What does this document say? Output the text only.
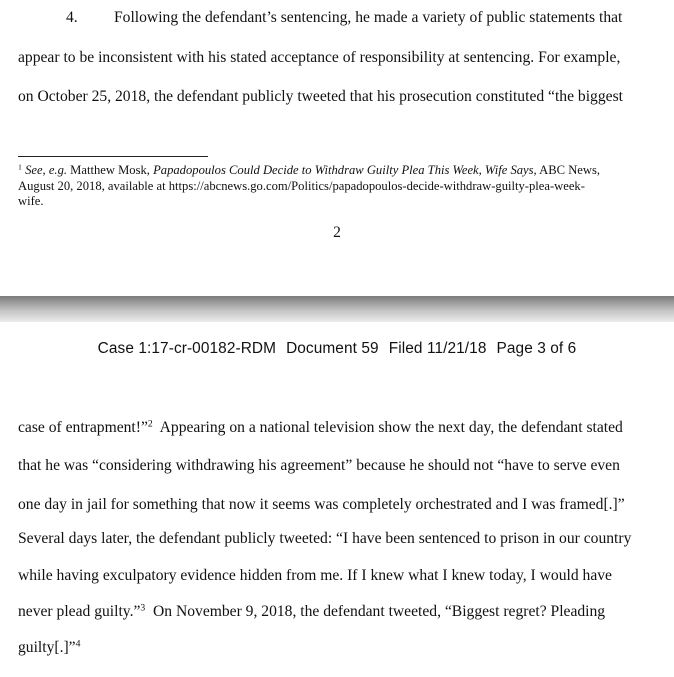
4. Following the defendant’s sentencing, he made a variety of public statements that
appear to be inconsistent with his stated acceptance of responsibility at sentencing. For example,
on October 25, 2018, the defendant publicly tweeted that his prosecution constituted “the biggest
$^1$ See, e.g. Matthew Mosk, Papadopoulos Could Decide to Withdraw Guilty Plea This Week, Wife Says, ABC News,
August 20, 2018, available at https://abcnews.go.com/Politics/papadopoulos-decide-withdraw-guilty-plea-week-
wife.
2
Case 1:17-cr-00182-RDM Document 59 Filed 11/21/18 Page 3 of 6
case of entrapment!”$^2$  Appearing on a national television show the next day, the defendant stated
that he was “considering withdrawing his agreement” because he should not “have to serve even
one day in jail for something that now it seems was completely orchestrated and I was framed[.]”
Several days later, the defendant publicly tweeted: “I have been sentenced to prison in our country
while having exculpatory evidence hidden from me. If I knew what I knew today, I would have
never plead guilty.”$^3$  On November 9, 2018, the defendant tweeted, “Biggest regret? Pleading
guilty[.]”$^4$
